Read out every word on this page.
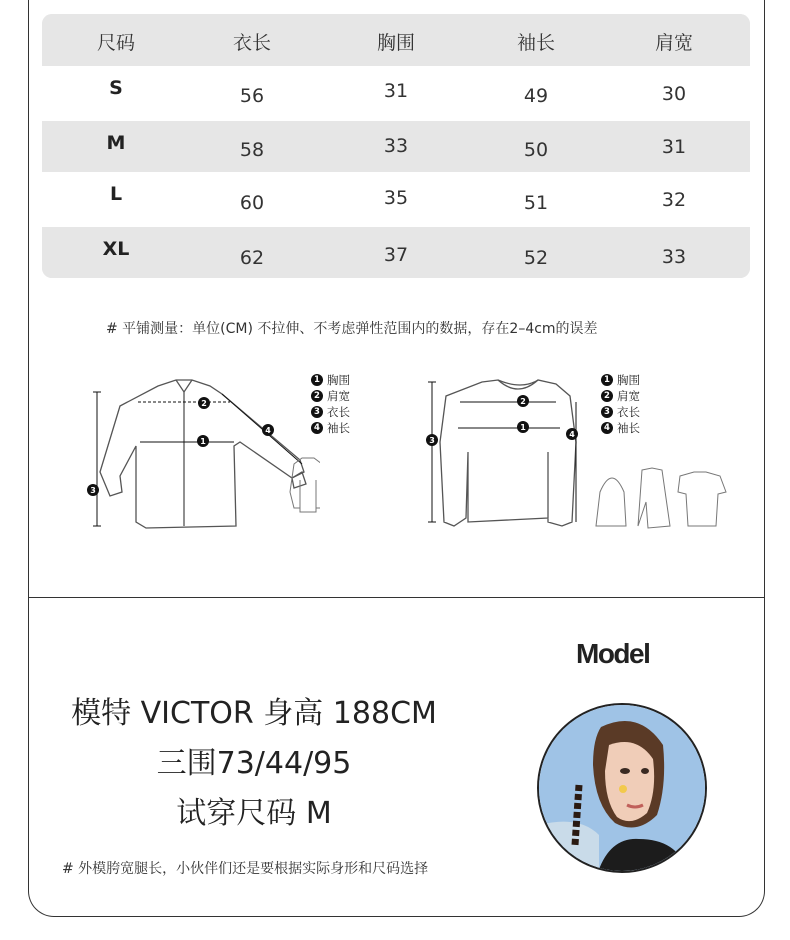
尺码	衣长	胸围	袖长	肩宽
S	56	31	49	30
M	58	33	50	31
L	60	35	51	32
XL	62	37	52	33
# 平铺测量：单位(CM) 不拉伸、不考虑弹性范围内的数据，存在2–4cm的误差
1
2
3
4
1 胸围
2 肩宽
3 衣长
4 袖长	1
2
3
4
1 胸围
2 肩宽
3 衣长
4 袖长
Model
模特 VICTOR 身高 188CM
三围73/44/95
试穿尺码 M
# 外模胯宽腿长，小伙伴们还是要根据实际身形和尺码选择
